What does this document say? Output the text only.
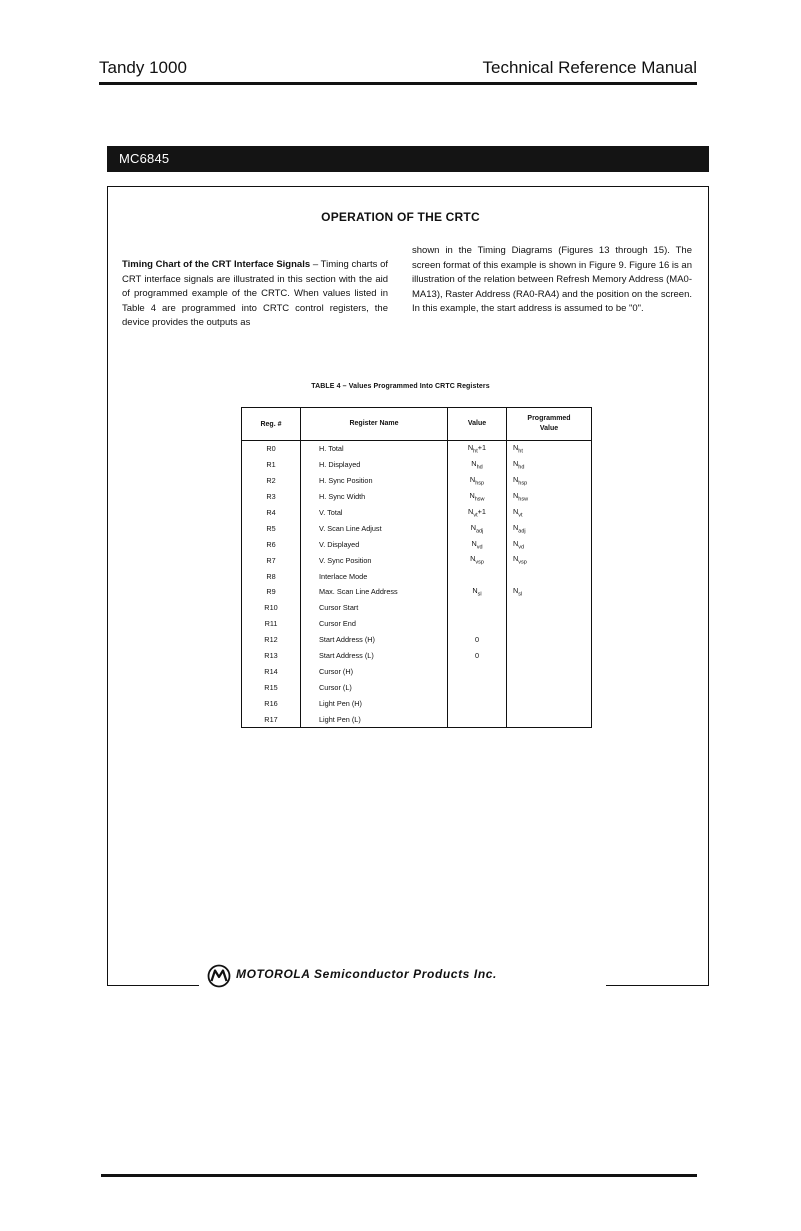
Tandy 1000	Technical Reference Manual
MC6845
OPERATION OF THE CRTC
Timing Chart of the CRT Interface Signals – Timing charts of CRT interface signals are illustrated in this section with the aid of programmed example of the CRTC. When values listed in Table 4 are programmed into CRTC control registers, the device provides the outputs as
shown in the Timing Diagrams (Figures 13 through 15). The screen format of this example is shown in Figure 9. Figure 16 is an illustration of the relation between Refresh Memory Address (MA0-MA13), Raster Address (RA0-RA4) and the position on the screen. In this example, the start address is assumed to be "0".
TABLE 4 – Values Programmed Into CRTC Registers
Reg. #	Register Name	Value	Programmed
Value
R0	H. Total	$N_{ht}+1$	$N_{ht}$
R1	H. Displayed	$N_{hd}$	$N_{hd}$
R2	H. Sync Position	$N_{hsp}$	$N_{hsp}$
R3	H. Sync Width	$N_{hsw}$	$N_{hsw}$
R4	V. Total	$N_{vt}+1$	$N_{vt}$
R5	V. Scan Line Adjust	$N_{adj}$	$N_{adj}$
R6	V. Displayed	$N_{vd}$	$N_{vd}$
R7	V. Sync Position	$N_{vsp}$	$N_{vsp}$
R8	Interlace Mode		
R9	Max. Scan Line Address	$N_{sl}$	$N_{sl}$
R10	Cursor Start		
R11	Cursor End		
R12	Start Address (H)	0	
R13	Start Address (L)	0	
R14	Cursor (H)		
R15	Cursor (L)		
R16	Light Pen (H)		
R17	Light Pen (L)		
MOTOROLA Semiconductor Products Inc.
